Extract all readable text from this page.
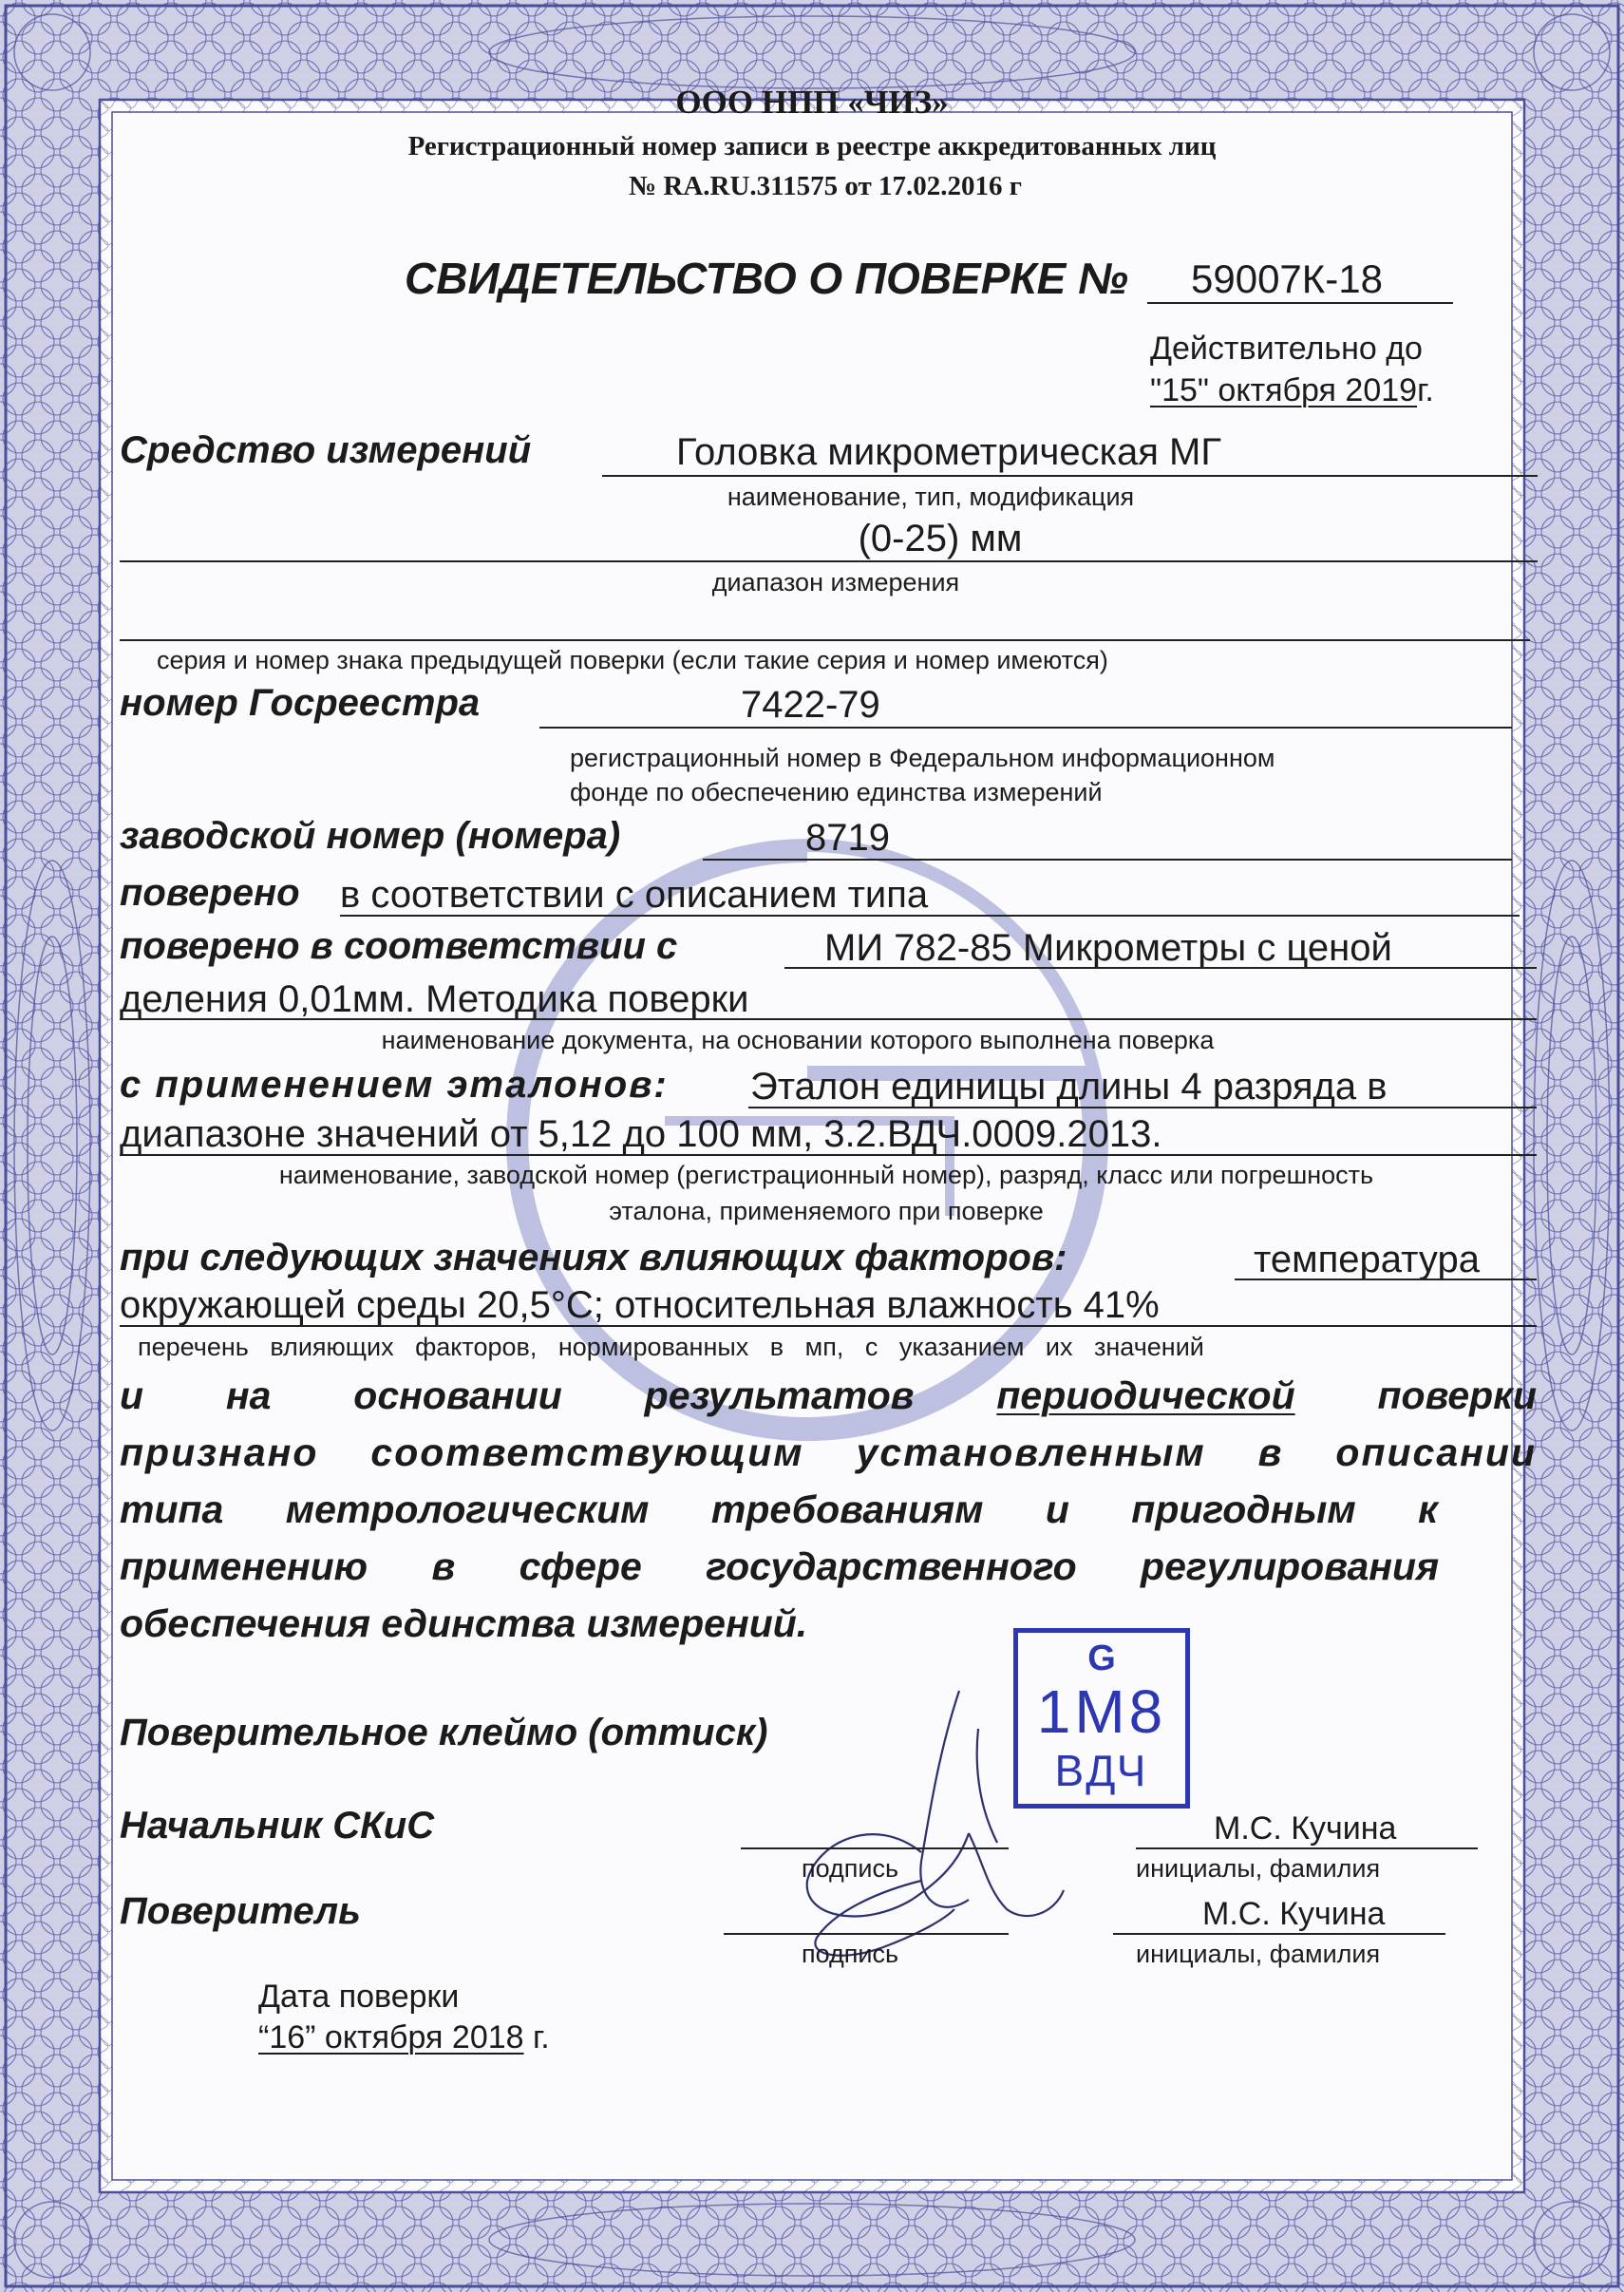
ООО НПП «ЧИЗ»
Регистрационный номер записи в реестре аккредитованных лиц
№ RA.RU.311575 от 17.02.2016 г
СВИДЕТЕЛЬСТВО О ПОВЕРКЕ № 59007К-18
Действительно до
"15" октября 2019г.
Средство измерений	Головка микрометрическая МГ
наименование, тип, модификация
(0-25) мм
диапазон измерения
серия и номер знака предыдущей поверки (если такие серия и номер имеются)
номер Госреестра	7422-79
регистрационный номер в Федеральном информационном
фонде по обеспечению единства измерений
заводской номер (номера)	8719
поверено в соответствии с описанием типа
поверено в соответствии с	МИ 782-85 Микрометры с ценой
деления 0,01мм. Методика поверки
наименование документа, на основании которого выполнена поверка
с применением эталонов: Эталон единицы длины 4 разряда в
диапазоне значений от 5,12 до 100 мм, 3.2.ВДЧ.0009.2013.
наименование, заводской номер (регистрационный номер), разряд, класс или погрешность
эталона, применяемого при поверке
при следующих значениях влияющих факторов:	температура
окружающей среды 20,5°С; относительная влажность 41%
перечень   влияющих   факторов,   нормированных   в   мп,   с   указанием   их   значений
и на основании результатов периодической поверки
признано соответствующим установленным в описании
типа метрологическим требованиям и пригодным к
применению в сфере государственного регулирования
обеспечения единства измерений.
Поверительное клеймо (оттиск)
G
1М8
ВДЧ
Начальник СКиС
подпись
М.С. Кучина
инициалы, фамилия
Поверитель
подпись
М.С. Кучина
инициалы, фамилия
Дата поверки
“16” октября 2018 г.
